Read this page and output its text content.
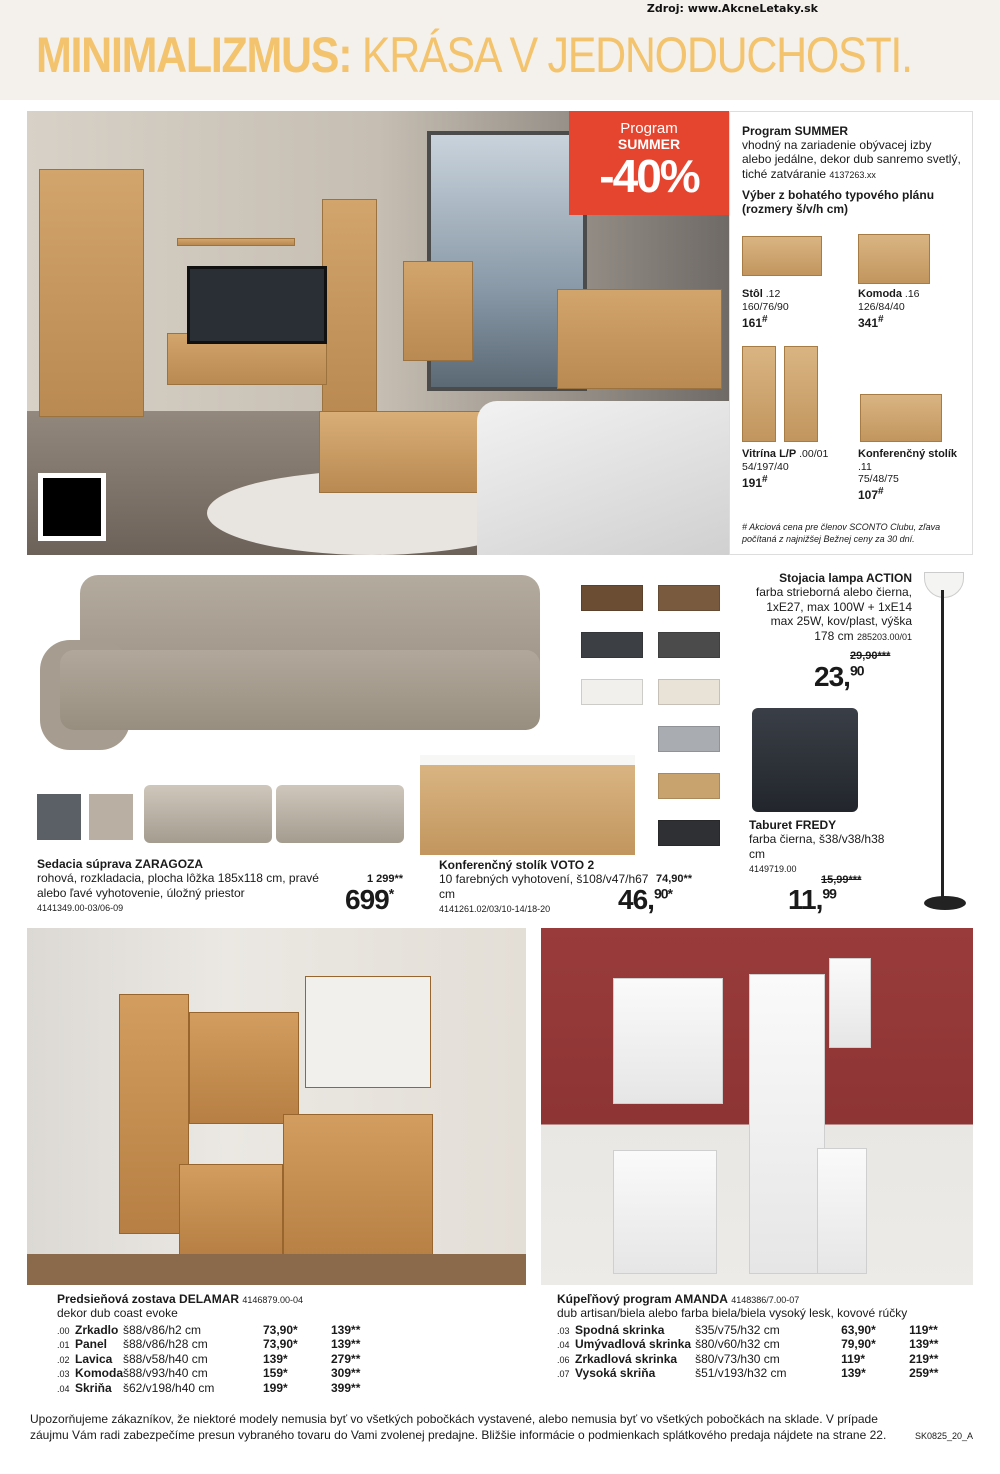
Zdroj: www.AkcneLetaky.sk
MINIMALIZMUS: KRÁSA V JEDNODUCHOSTI.
Program
SUMMER
-40%
Program SUMMER
vhodný na zariadenie obývacej izby alebo jedálne, dekor dub sanremo svetlý, tiché zatváranie 4137263.xx
Výber z bohatého typového plánu (rozmery š/v/h cm)
Stôl .12
160/76/90
161#
Komoda .16
126/84/40
341#
Vitrína L/P .00/01
54/197/40
191#
Konferenčný stolík .11
75/48/75
107#
# Akciová cena pre členov SCONTO Clubu, zľava počítaná z najnižšej Bežnej ceny za 30 dní.
Sedacia súprava ZARAGOZA
rohová, rozkladacia, plocha lôžka 185x118 cm, pravé alebo ľavé vyhotovenie, úložný priestor
4141349.00-03/06-09
1 299**
699*
Konferenčný stolík VOTO 2
10 farebných vyhotovení, š108/v47/h67 cm
4141261.02/03/10-14/18-20
74,90**
46,$^{90*}$
Stojacia lampa ACTION
farba strieborná alebo čierna, 1xE27, max 100W + 1xE14 max 25W, kov/plast, výška 178 cm 285203.00/01
29,90***
23,90
Taburet FREDY
farba čierna, š38/v38/h38 cm
4149719.00
15,99***
11,99
Predsieňová zostava DELAMAR 4146879.00-04
dekor dub coast evoke
.00	Zrkadlo	š88/v86/h2 cm	73,90*	139**
.01	Panel	š88/v86/h28 cm	73,90*	139**
.02	Lavica	š88/v58/h40 cm	139*	279**
.03	Komoda	š88/v93/h40 cm	159*	309**
.04	Skriňa	š62/v198/h40 cm	199*	399**
Kúpeľňový program AMANDA 4148386/7.00-07
dub artisan/biela alebo farba biela/biela vysoký lesk, kovové rúčky
.03	Spodná skrinka	š35/v75/h32 cm	63,90*	119**
.04	Umývadlová skrinka	š80/v60/h32 cm	79,90*	139**
.06	Zrkadlová skrinka	š80/v73/h30 cm	119*	219**
.07	Vysoká skriňa	š51/v193/h32 cm	139*	259**
Upozorňujeme zákazníkov, že niektoré modely nemusia byť vo všetkých pobočkách vystavené, alebo nemusia byť vo všetkých pobočkách na sklade. V prípade záujmu Vám radi zabezpečíme presun vybraného tovaru do Vami zvolenej predajne. Bližšie informácie o podmienkach splátkového predaja nájdete na strane 22.	SK0825_20_A
